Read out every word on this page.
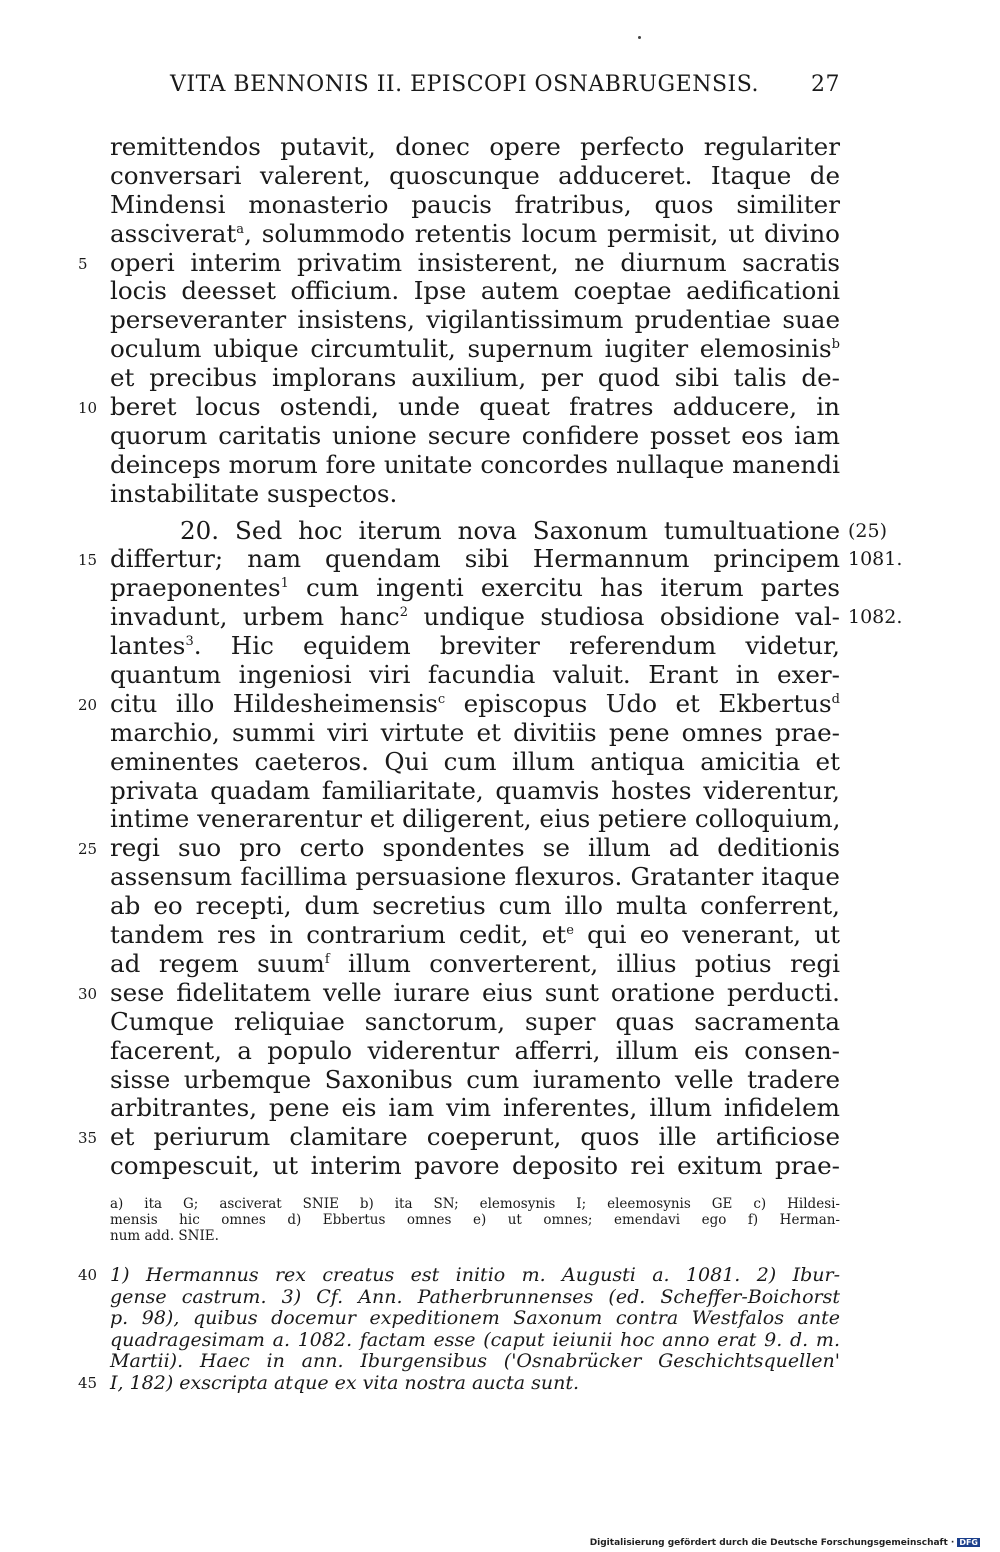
VITA BENNONIS II. EPISCOPI OSNABRUGENSIS. 27
remittendos putavit, donec opere perfecto regulariter
conversari valerent, quoscunque adduceret. Itaque de
Mindensi monasterio paucis fratribus, quos similiter
assciverat$^a$, solummodo retentis locum permisit, ut divino
5 operi interim privatim insisterent, ne diurnum sacratis
locis deesset officium. Ipse autem coeptae aedificationi
perseveranter insistens, vigilantissimum prudentiae suae
oculum ubique circumtulit, supernum iugiter elemosinis$^b$
et precibus implorans auxilium, per quod sibi talis de-
10 beret locus ostendi, unde queat fratres adducere, in
quorum caritatis unione secure confidere posset eos iam
deinceps morum fore unitate concordes nullaque manendi
instabilitate suspectos.
20. Sed hoc iterum nova Saxonum tumultuatione (25)
15 differtur; nam quendam sibi Hermannum principem 1081.
praeponentes$^1$ cum ingenti exercitu has iterum partes
invadunt, urbem hanc$^2$ undique studiosa obsidione val- 1082.
lantes$^3$. Hic equidem breviter referendum videtur,
quantum ingeniosi viri facundia valuit. Erant in exer-
20 citu illo Hildesheimensis$^c$ episcopus Udo et Ekbertus$^d$
marchio, summi viri virtute et divitiis pene omnes prae-
eminentes caeteros. Qui cum illum antiqua amicitia et
privata quadam familiaritate, quamvis hostes viderentur,
intime venerarentur et diligerent, eius petiere colloquium,
25 regi suo pro certo spondentes se illum ad deditionis
assensum facillima persuasione flexuros. Gratanter itaque
ab eo recepti, dum secretius cum illo multa conferrent,
tandem res in contrarium cedit, $et^e$ qui eo venerant, ut
ad regem suum$^f$ illum converterent, illius potius regi
30 sese fidelitatem velle iurare eius sunt oratione perducti.
Cumque reliquiae sanctorum, super quas sacramenta
facerent, a populo viderentur afferri, illum eis consen-
sisse urbemque Saxonibus cum iuramento velle tradere
arbitrantes, pene eis iam vim inferentes, illum infidelem
35 et periurum clamitare coeperunt, quos ille artificiose
compescuit, ut interim pavore deposito rei exitum prae-
a) ita G; asciverat SNIE b) ita SN; elemosynis I; eleemosynis GE c) Hildesi-
mensis hic omnes d) Ebbertus omnes e) ut omnes; emendavi ego f) Herman-
num add. SNIE.
40 1) Hermannus rex creatus est initio m. Augusti a. 1081. 2) Ibur-
gense castrum. 3) Cf. Ann. Patherbrunnenses (ed. Scheffer-Boichorst
p. 98), quibus docemur expeditionem Saxonum contra Westfalos ante
quadragesimam a. 1082. factam esse (caput ieiunii hoc anno erat 9. d. m.
Martii). Haec in ann. Iburgensibus ('Osnabrücker Geschichtsquellen'
45 I, 182) exscripta atque ex vita nostra aucta sunt.
Digitalisierung gefördert durch die Deutsche Forschungsgemeinschaft · DFG
